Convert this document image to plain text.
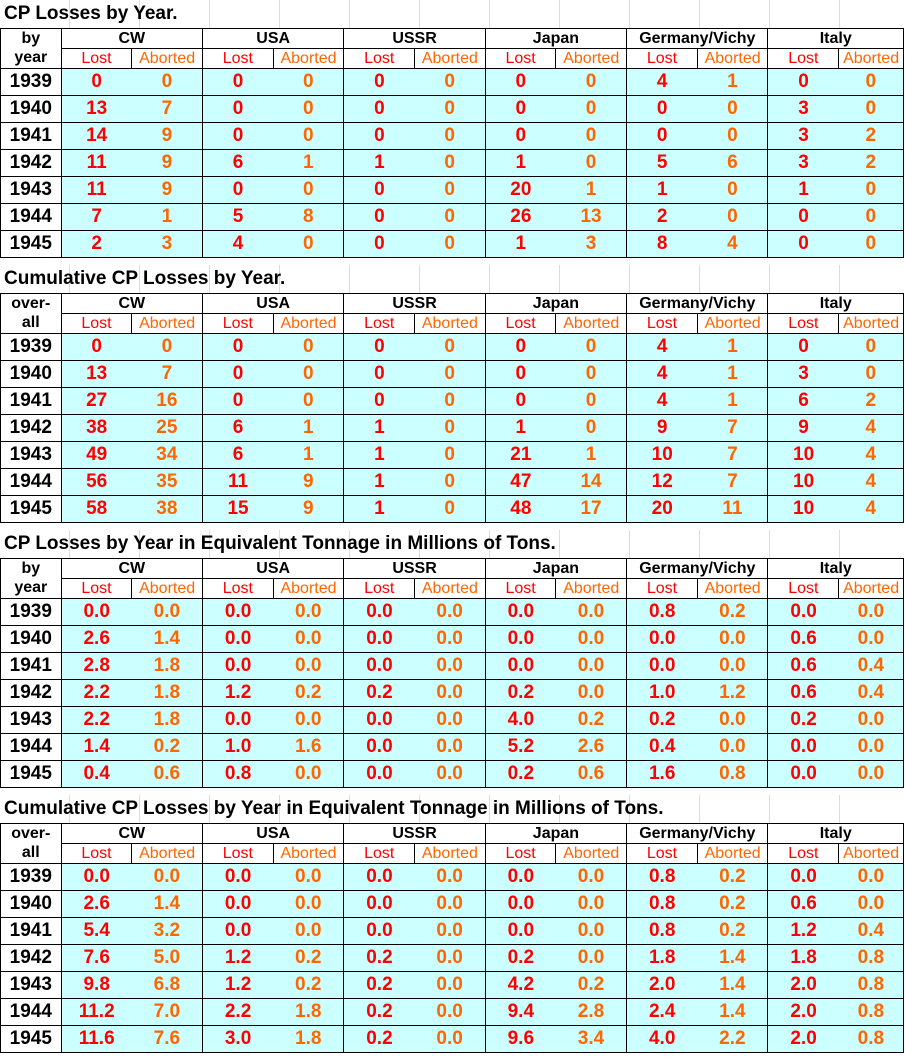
CP Losses by Year.
by	CW		USA		USSR		Japan		Germany/Vichy		Italy	
year	Lost	Aborted	Lost	Aborted	Lost	Aborted	Lost	Aborted	Lost	Aborted	Lost	Aborted
1939	0	0	0	0	0	0	0	0	4	1	0	0
1940	13	7	0	0	0	0	0	0	0	0	3	0
1941	14	9	0	0	0	0	0	0	0	0	3	2
1942	11	9	6	1	1	0	1	0	5	6	3	2
1943	11	9	0	0	0	0	20	1	1	0	1	0
1944	7	1	5	8	0	0	26	13	2	0	0	0
1945	2	3	4	0	0	0	1	3	8	4	0	0
Cumulative CP Losses by Year.
over-	CW		USA		USSR		Japan		Germany/Vichy		Italy	
all	Lost	Aborted	Lost	Aborted	Lost	Aborted	Lost	Aborted	Lost	Aborted	Lost	Aborted
1939	0	0	0	0	0	0	0	0	4	1	0	0
1940	13	7	0	0	0	0	0	0	4	1	3	0
1941	27	16	0	0	0	0	0	0	4	1	6	2
1942	38	25	6	1	1	0	1	0	9	7	9	4
1943	49	34	6	1	1	0	21	1	10	7	10	4
1944	56	35	11	9	1	0	47	14	12	7	10	4
1945	58	38	15	9	1	0	48	17	20	11	10	4
CP Losses by Year in Equivalent Tonnage in Millions of Tons.
by	CW		USA		USSR		Japan		Germany/Vichy		Italy	
year	Lost	Aborted	Lost	Aborted	Lost	Aborted	Lost	Aborted	Lost	Aborted	Lost	Aborted
1939	0.0	0.0	0.0	0.0	0.0	0.0	0.0	0.0	0.8	0.2	0.0	0.0
1940	2.6	1.4	0.0	0.0	0.0	0.0	0.0	0.0	0.0	0.0	0.6	0.0
1941	2.8	1.8	0.0	0.0	0.0	0.0	0.0	0.0	0.0	0.0	0.6	0.4
1942	2.2	1.8	1.2	0.2	0.2	0.0	0.2	0.0	1.0	1.2	0.6	0.4
1943	2.2	1.8	0.0	0.0	0.0	0.0	4.0	0.2	0.2	0.0	0.2	0.0
1944	1.4	0.2	1.0	1.6	0.0	0.0	5.2	2.6	0.4	0.0	0.0	0.0
1945	0.4	0.6	0.8	0.0	0.0	0.0	0.2	0.6	1.6	0.8	0.0	0.0
Cumulative CP Losses by Year in Equivalent Tonnage in Millions of Tons.
over-	CW		USA		USSR		Japan		Germany/Vichy		Italy	
all	Lost	Aborted	Lost	Aborted	Lost	Aborted	Lost	Aborted	Lost	Aborted	Lost	Aborted
1939	0.0	0.0	0.0	0.0	0.0	0.0	0.0	0.0	0.8	0.2	0.0	0.0
1940	2.6	1.4	0.0	0.0	0.0	0.0	0.0	0.0	0.8	0.2	0.6	0.0
1941	5.4	3.2	0.0	0.0	0.0	0.0	0.0	0.0	0.8	0.2	1.2	0.4
1942	7.6	5.0	1.2	0.2	0.2	0.0	0.2	0.0	1.8	1.4	1.8	0.8
1943	9.8	6.8	1.2	0.2	0.2	0.0	4.2	0.2	2.0	1.4	2.0	0.8
1944	11.2	7.0	2.2	1.8	0.2	0.0	9.4	2.8	2.4	1.4	2.0	0.8
1945	11.6	7.6	3.0	1.8	0.2	0.0	9.6	3.4	4.0	2.2	2.0	0.8
